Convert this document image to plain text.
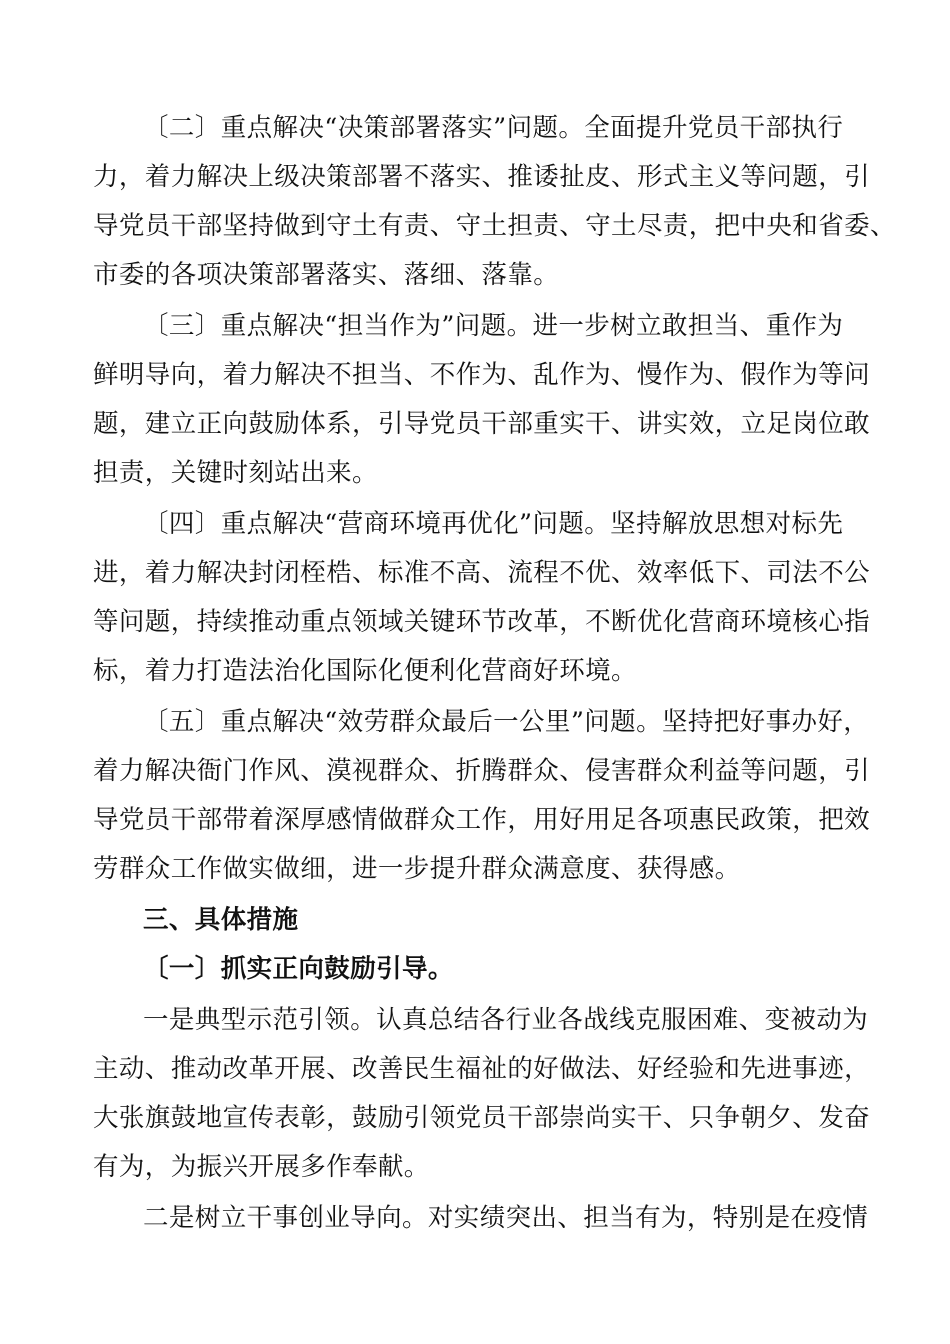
〔二〕重点解决“决策部署落实”问题。全面提升党员干部执行
力，着力解决上级决策部署不落实、推诿扯皮、形式主义等问题，引
导党员干部坚持做到守土有责、守土担责、守土尽责，把中央和省委、
市委的各项决策部署落实、落细、落靠。
〔三〕重点解决“担当作为”问题。进一步树立敢担当、重作为
鲜明导向，着力解决不担当、不作为、乱作为、慢作为、假作为等问
题，建立正向鼓励体系，引导党员干部重实干、讲实效，立足岗位敢
担责，关键时刻站出来。
〔四〕重点解决“营商环境再优化”问题。坚持解放思想对标先
进，着力解决封闭桎梏、标准不高、流程不优、效率低下、司法不公
等问题，持续推动重点领域关键环节改革，不断优化营商环境核心指
标，着力打造法治化国际化便利化营商好环境。
〔五〕重点解决“效劳群众最后一公里”问题。坚持把好事办好，
着力解决衙门作风、漠视群众、折腾群众、侵害群众利益等问题，引
导党员干部带着深厚感情做群众工作，用好用足各项惠民政策，把效
劳群众工作做实做细，进一步提升群众满意度、获得感。
三、具体措施
〔一〕抓实正向鼓励引导。
一是典型示范引领。认真总结各行业各战线克服困难、变被动为
主动、推动改革开展、改善民生福祉的好做法、好经验和先进事迹，
大张旗鼓地宣传表彰，鼓励引领党员干部崇尚实干、只争朝夕、发奋
有为，为振兴开展多作奉献。
二是树立干事创业导向。对实绩突出、担当有为，特别是在疫情
